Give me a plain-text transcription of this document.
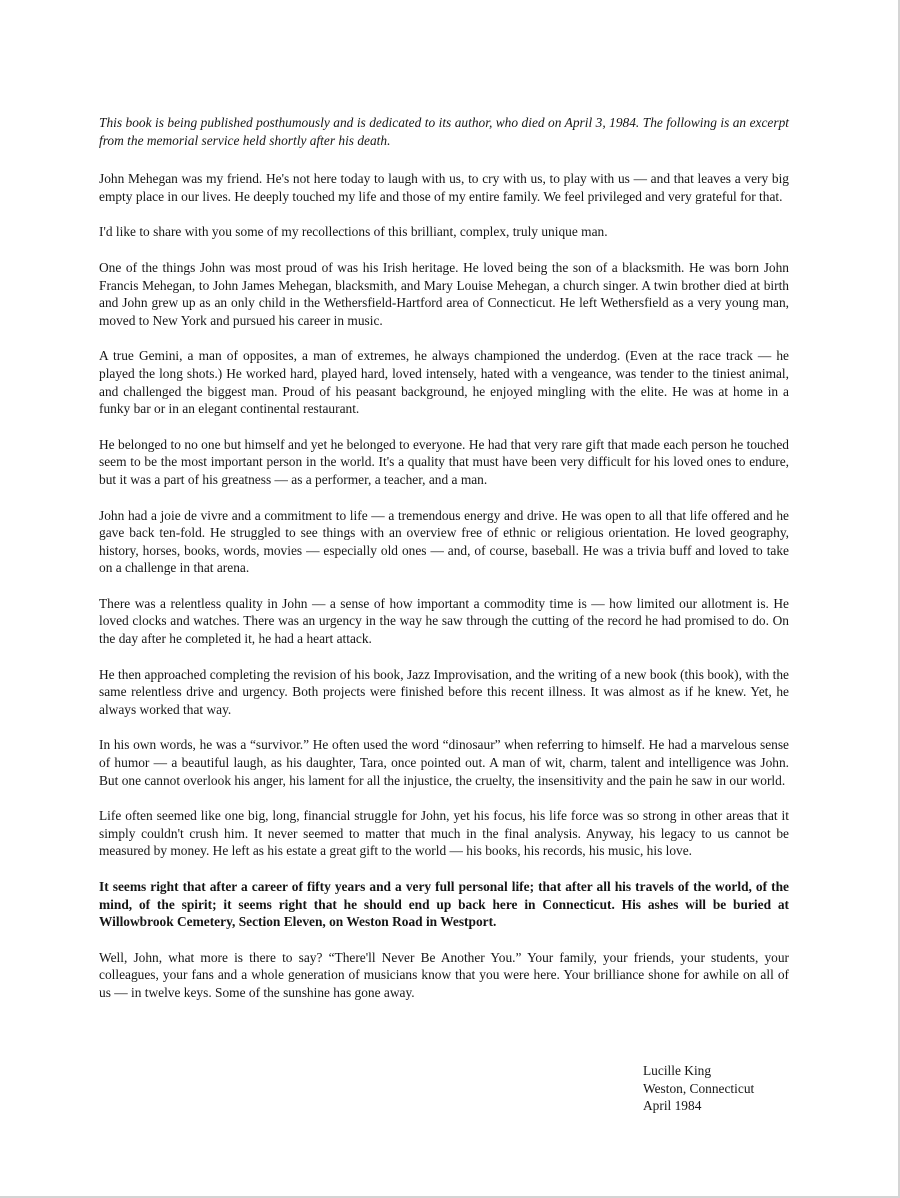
This book is being published posthumously and is dedicated to its author, who died on April 3, 1984. The following is an excerpt from the memorial service held shortly after his death.

John Mehegan was my friend. He's not here today to laugh with us, to cry with us, to play with us — and that leaves a very big empty place in our lives. He deeply touched my life and those of my entire family. We feel privileged and very grateful for that.

I'd like to share with you some of my recollections of this brilliant, complex, truly unique man.

One of the things John was most proud of was his Irish heritage. He loved being the son of a blacksmith. He was born John Francis Mehegan, to John James Mehegan, blacksmith, and Mary Louise Mehegan, a church singer. A twin brother died at birth and John grew up as an only child in the Wethersfield-Hartford area of Connecticut. He left Wethersfield as a very young man, moved to New York and pursued his career in music.

A true Gemini, a man of opposites, a man of extremes, he always championed the underdog. (Even at the race track — he played the long shots.) He worked hard, played hard, loved intensely, hated with a vengeance, was tender to the tiniest animal, and challenged the biggest man. Proud of his peasant background, he enjoyed mingling with the elite. He was at home in a funky bar or in an elegant continental restaurant.

He belonged to no one but himself and yet he belonged to everyone. He had that very rare gift that made each person he touched seem to be the most important person in the world. It's a quality that must have been very difficult for his loved ones to endure, but it was a part of his greatness — as a performer, a teacher, and a man.

John had a joie de vivre and a commitment to life — a tremendous energy and drive. He was open to all that life offered and he gave back ten-fold. He struggled to see things with an overview free of ethnic or religious orientation. He loved geography, history, horses, books, words, movies — especially old ones — and, of course, baseball. He was a trivia buff and loved to take on a challenge in that arena.

There was a relentless quality in John — a sense of how important a commodity time is — how limited our allotment is. He loved clocks and watches. There was an urgency in the way he saw through the cutting of the record he had promised to do. On the day after he completed it, he had a heart attack.

He then approached completing the revision of his book, Jazz Improvisation, and the writing of a new book (this book), with the same relentless drive and urgency. Both projects were finished before this recent illness. It was almost as if he knew. Yet, he always worked that way.

In his own words, he was a “survivor.” He often used the word “dinosaur” when referring to himself. He had a marvelous sense of humor — a beautiful laugh, as his daughter, Tara, once pointed out. A man of wit, charm, talent and intelligence was John. But one cannot overlook his anger, his lament for all the injustice, the cruelty, the insensitivity and the pain he saw in our world.

Life often seemed like one big, long, financial struggle for John, yet his focus, his life force was so strong in other areas that it simply couldn't crush him. It never seemed to matter that much in the final analysis. Anyway, his legacy to us cannot be measured by money. He left as his estate a great gift to the world — his books, his records, his music, his love.

It seems right that after a career of fifty years and a very full personal life; that after all his travels of the world, of the mind, of the spirit; it seems right that he should end up back here in Connecticut. His ashes will be buried at Willowbrook Cemetery, Section Eleven, on Weston Road in Westport.

Well, John, what more is there to say? “There'll Never Be Another You.” Your family, your friends, your students, your colleagues, your fans and a whole generation of musicians know that you were here. Your brilliance shone for awhile on all of us — in twelve keys. Some of the sunshine has gone away.

Lucille King
Weston, Connecticut
April 1984
